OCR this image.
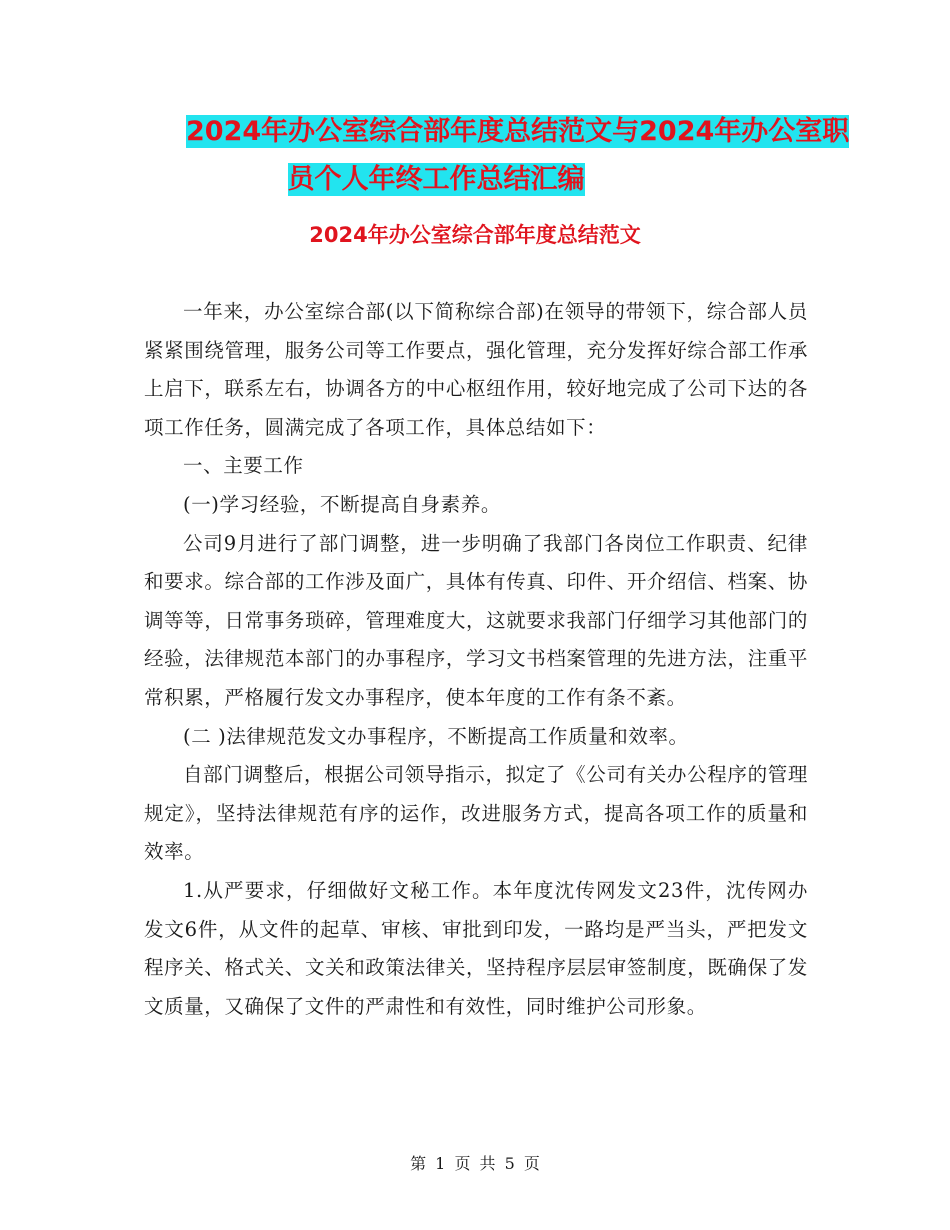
2024年办公室综合部年度总结范文与2024年办公室职
员个人年终工作总结汇编
2024年办公室综合部年度总结范文

一年来，办公室综合部(以下简称综合部)在领导的带领下，综合部人员紧紧围绕管理，服务公司等工作要点，强化管理，充分发挥好综合部工作承上启下，联系左右，协调各方的中心枢纽作用，较好地完成了公司下达的各项工作任务，圆满完成了各项工作，具体总结如下：

一、主要工作

(一)学习经验，不断提高自身素养。

公司9月进行了部门调整，进一步明确了我部门各岗位工作职责、纪律和要求。综合部的工作涉及面广，具体有传真、印件、开介绍信、档案、协调等等，日常事务琐碎，管理难度大，这就要求我部门仔细学习其他部门的经验，法律规范本部门的办事程序，学习文书档案管理的先进方法，注重平常积累，严格履行发文办事程序，使本年度的工作有条不紊。

(二 )法律规范发文办事程序，不断提高工作质量和效率。

自部门调整后，根据公司领导指示，拟定了《公司有关办公程序的管理规定》，坚持法律规范有序的运作，改进服务方式，提高各项工作的质量和效率。

1.从严要求，仔细做好文秘工作。本年度沈传网发文23件，沈传网办发文6件，从文件的起草、审核、审批到印发，一路均是严当头，严把发文程序关、格式关、文关和政策法律关，坚持程序层层审签制度，既确保了发文质量，又确保了文件的严肃性和有效性，同时维护公司形象。

第 1 页 共 5 页
